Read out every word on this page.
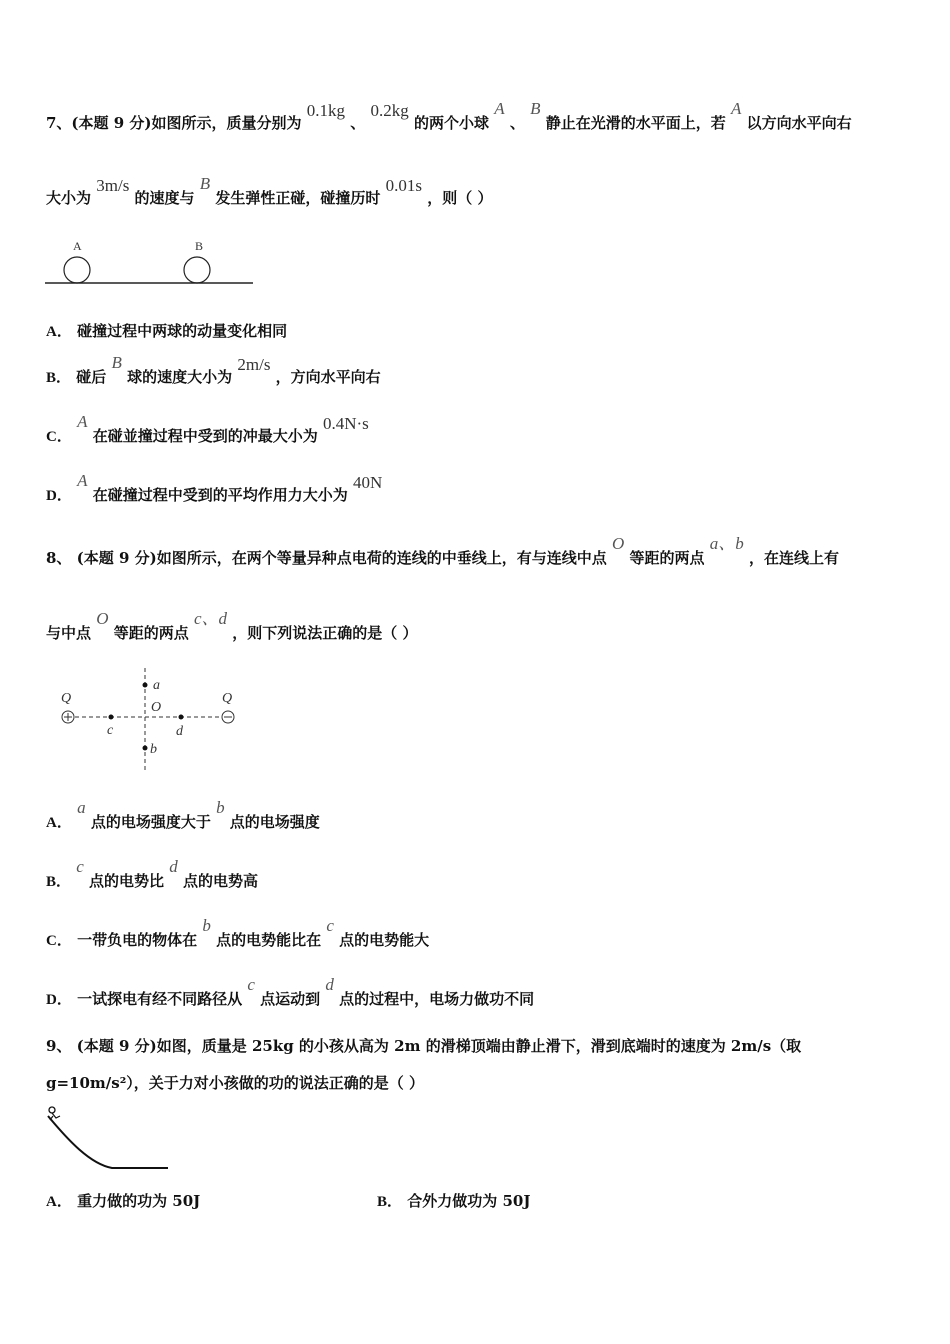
7、(本题 9 分)如图所示，质量分别为 0.1kg 、 0.2kg 的两个小球 A 、 B 静止在光滑的水平面上，若 A 以方向水平向右
大小为 3m/s 的速度与 B 发生弹性正碰，碰撞历时 0.01s ，则（ ）
A	B
A． 碰撞过程中两球的动量变化相同
B． 碰后 B 球的速度大小为 2m/s ，方向水平向右
C． A 在碰並撞过程中受到的冲最大小为 0.4N·s
D． A 在碰撞过程中受到的平均作用力大小为 40N
8、 (本题 9 分)如图所示，在两个等量异种点电荷的连线的中垂线上，有与连线中点 O 等距的两点 a、b ，在连线上有
与中点 O 等距的两点 c、d ，则下列说法正确的是（ ）
Q	Q
a
O
c	d
b
A． a 点的电场强度大于 b 点的电场强度
B． c 点的电势比 d 点的电势高
C． 一带负电的物体在 b 点的电势能比在 c 点的电势能大
D． 一试探电有经不同路径从 c 点运动到 d 点的过程中，电场力做功不同
9、 (本题 9 分)如图，质量是 25kg 的小孩从高为 2m 的滑梯顶端由静止滑下，滑到底端时的速度为 2m/s（取
g=10m/s²），关于力对小孩做的功的说法正确的是（ ）
A． 重力做的功为 50J	B． 合外力做功为 50J
